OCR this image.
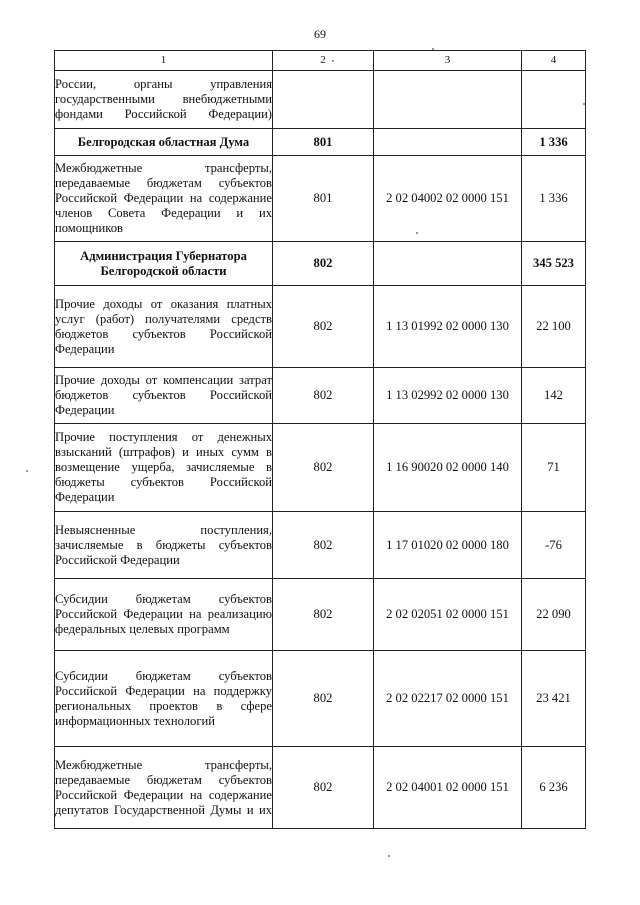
69
1	2	3	4
России, органы управления государственными внебюджетными фондами Российской Федерации)			
Белгородская областная Дума	801		1 336
Межбюджетные трансферты, передаваемые бюджетам субъектов Российской Федерации на содержание членов Совета Федерации и их помощников	801	2 02 04002 02 0000 151	1 336
Администрация Губернатора Белгородской области	802		345 523
Прочие доходы от оказания платных услуг (работ) получателями средств бюджетов субъектов Российской Федерации	802	1 13 01992 02 0000 130	22 100
Прочие доходы от компенсации затрат бюджетов субъектов Российской Федерации	802	1 13 02992 02 0000 130	142
Прочие поступления от денежных взысканий (штрафов) и иных сумм в возмещение ущерба, зачисляемые в бюджеты субъектов Российской Федерации	802	1 16 90020 02 0000 140	71
Невыясненные поступления, зачисляемые в бюджеты субъектов Российской Федерации	802	1 17 01020 02 0000 180	-76
Субсидии бюджетам субъектов Российской Федерации на реализацию федеральных целевых программ	802	2 02 02051 02 0000 151	22 090
Субсидии бюджетам субъектов Российской Федерации на поддержку региональных проектов в сфере информационных технологий	802	2 02 02217 02 0000 151	23 421
Межбюджетные трансферты, передаваемые бюджетам субъектов Российской Федерации на содержание депутатов Государственной Думы и их	802	2 02 04001 02 0000 151	6 236
